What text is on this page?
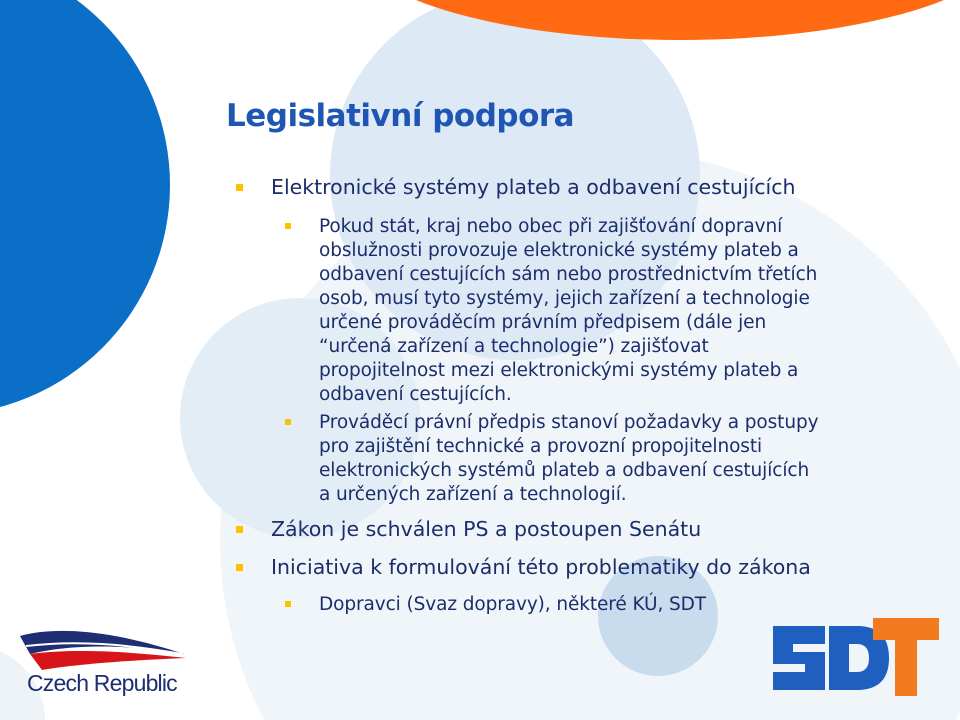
Legislativní podpora
Elektronické systémy plateb a odbavení cestujících
Pokud stát, kraj nebo obec při zajišťování dopravní
obslužnosti provozuje elektronické systémy plateb a
odbavení cestujících sám nebo prostřednictvím třetích
osob, musí tyto systémy, jejich zařízení a technologie
určené prováděcím právním předpisem (dále jen
“určená zařízení a technologie”) zajišťovat
propojitelnost mezi elektronickými systémy plateb a
odbavení cestujících.
Prováděcí právní předpis stanoví požadavky a postupy
pro zajištění technické a provozní propojitelnosti
elektronických systémů plateb a odbavení cestujících
a určených zařízení a technologií.
Zákon je schválen PS a postoupen Senátu
Iniciativa k formulování této problematiky do zákona
Dopravci (Svaz dopravy), některé KÚ, SDT
Czech Republic
